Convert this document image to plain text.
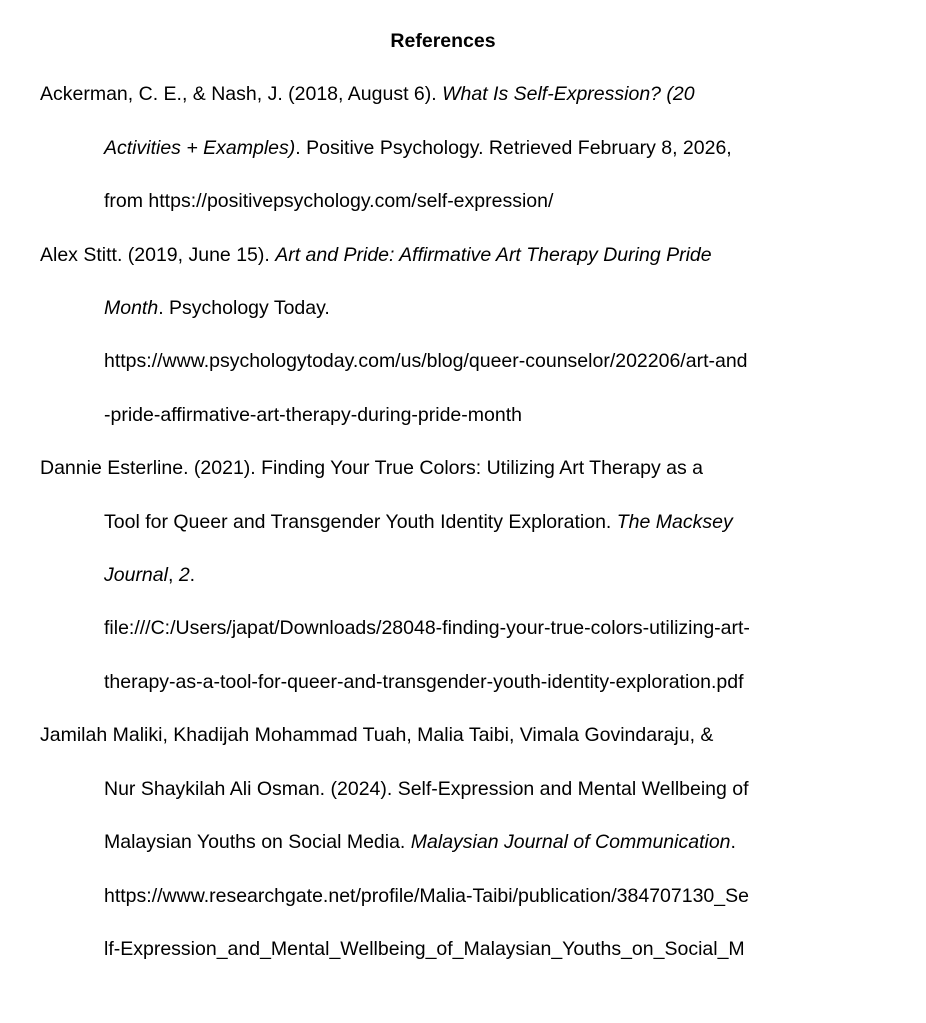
References
Ackerman, C. E., & Nash, J. (2018, August 6). What Is Self-Expression? (20
Activities + Examples). Positive Psychology. Retrieved February 8, 2026,
from https://positivepsychology.com/self-expression/
Alex Stitt. (2019, June 15). Art and Pride: Affirmative Art Therapy During Pride
Month. Psychology Today.
https://www.psychologytoday.com/us/blog/queer-counselor/202206/art-and
-pride-affirmative-art-therapy-during-pride-month
Dannie Esterline. (2021). Finding Your True Colors: Utilizing Art Therapy as a
Tool for Queer and Transgender Youth Identity Exploration. The Macksey
Journal, 2.
file:///C:/Users/japat/Downloads/28048-finding-your-true-colors-utilizing-art-
therapy-as-a-tool-for-queer-and-transgender-youth-identity-exploration.pdf
Jamilah Maliki, Khadijah Mohammad Tuah, Malia Taibi, Vimala Govindaraju, &
Nur Shaykilah Ali Osman. (2024). Self-Expression and Mental Wellbeing of
Malaysian Youths on Social Media. Malaysian Journal of Communication.
https://www.researchgate.net/profile/Malia-Taibi/publication/384707130_Se
lf-Expression_and_Mental_Wellbeing_of_Malaysian_Youths_on_Social_M
